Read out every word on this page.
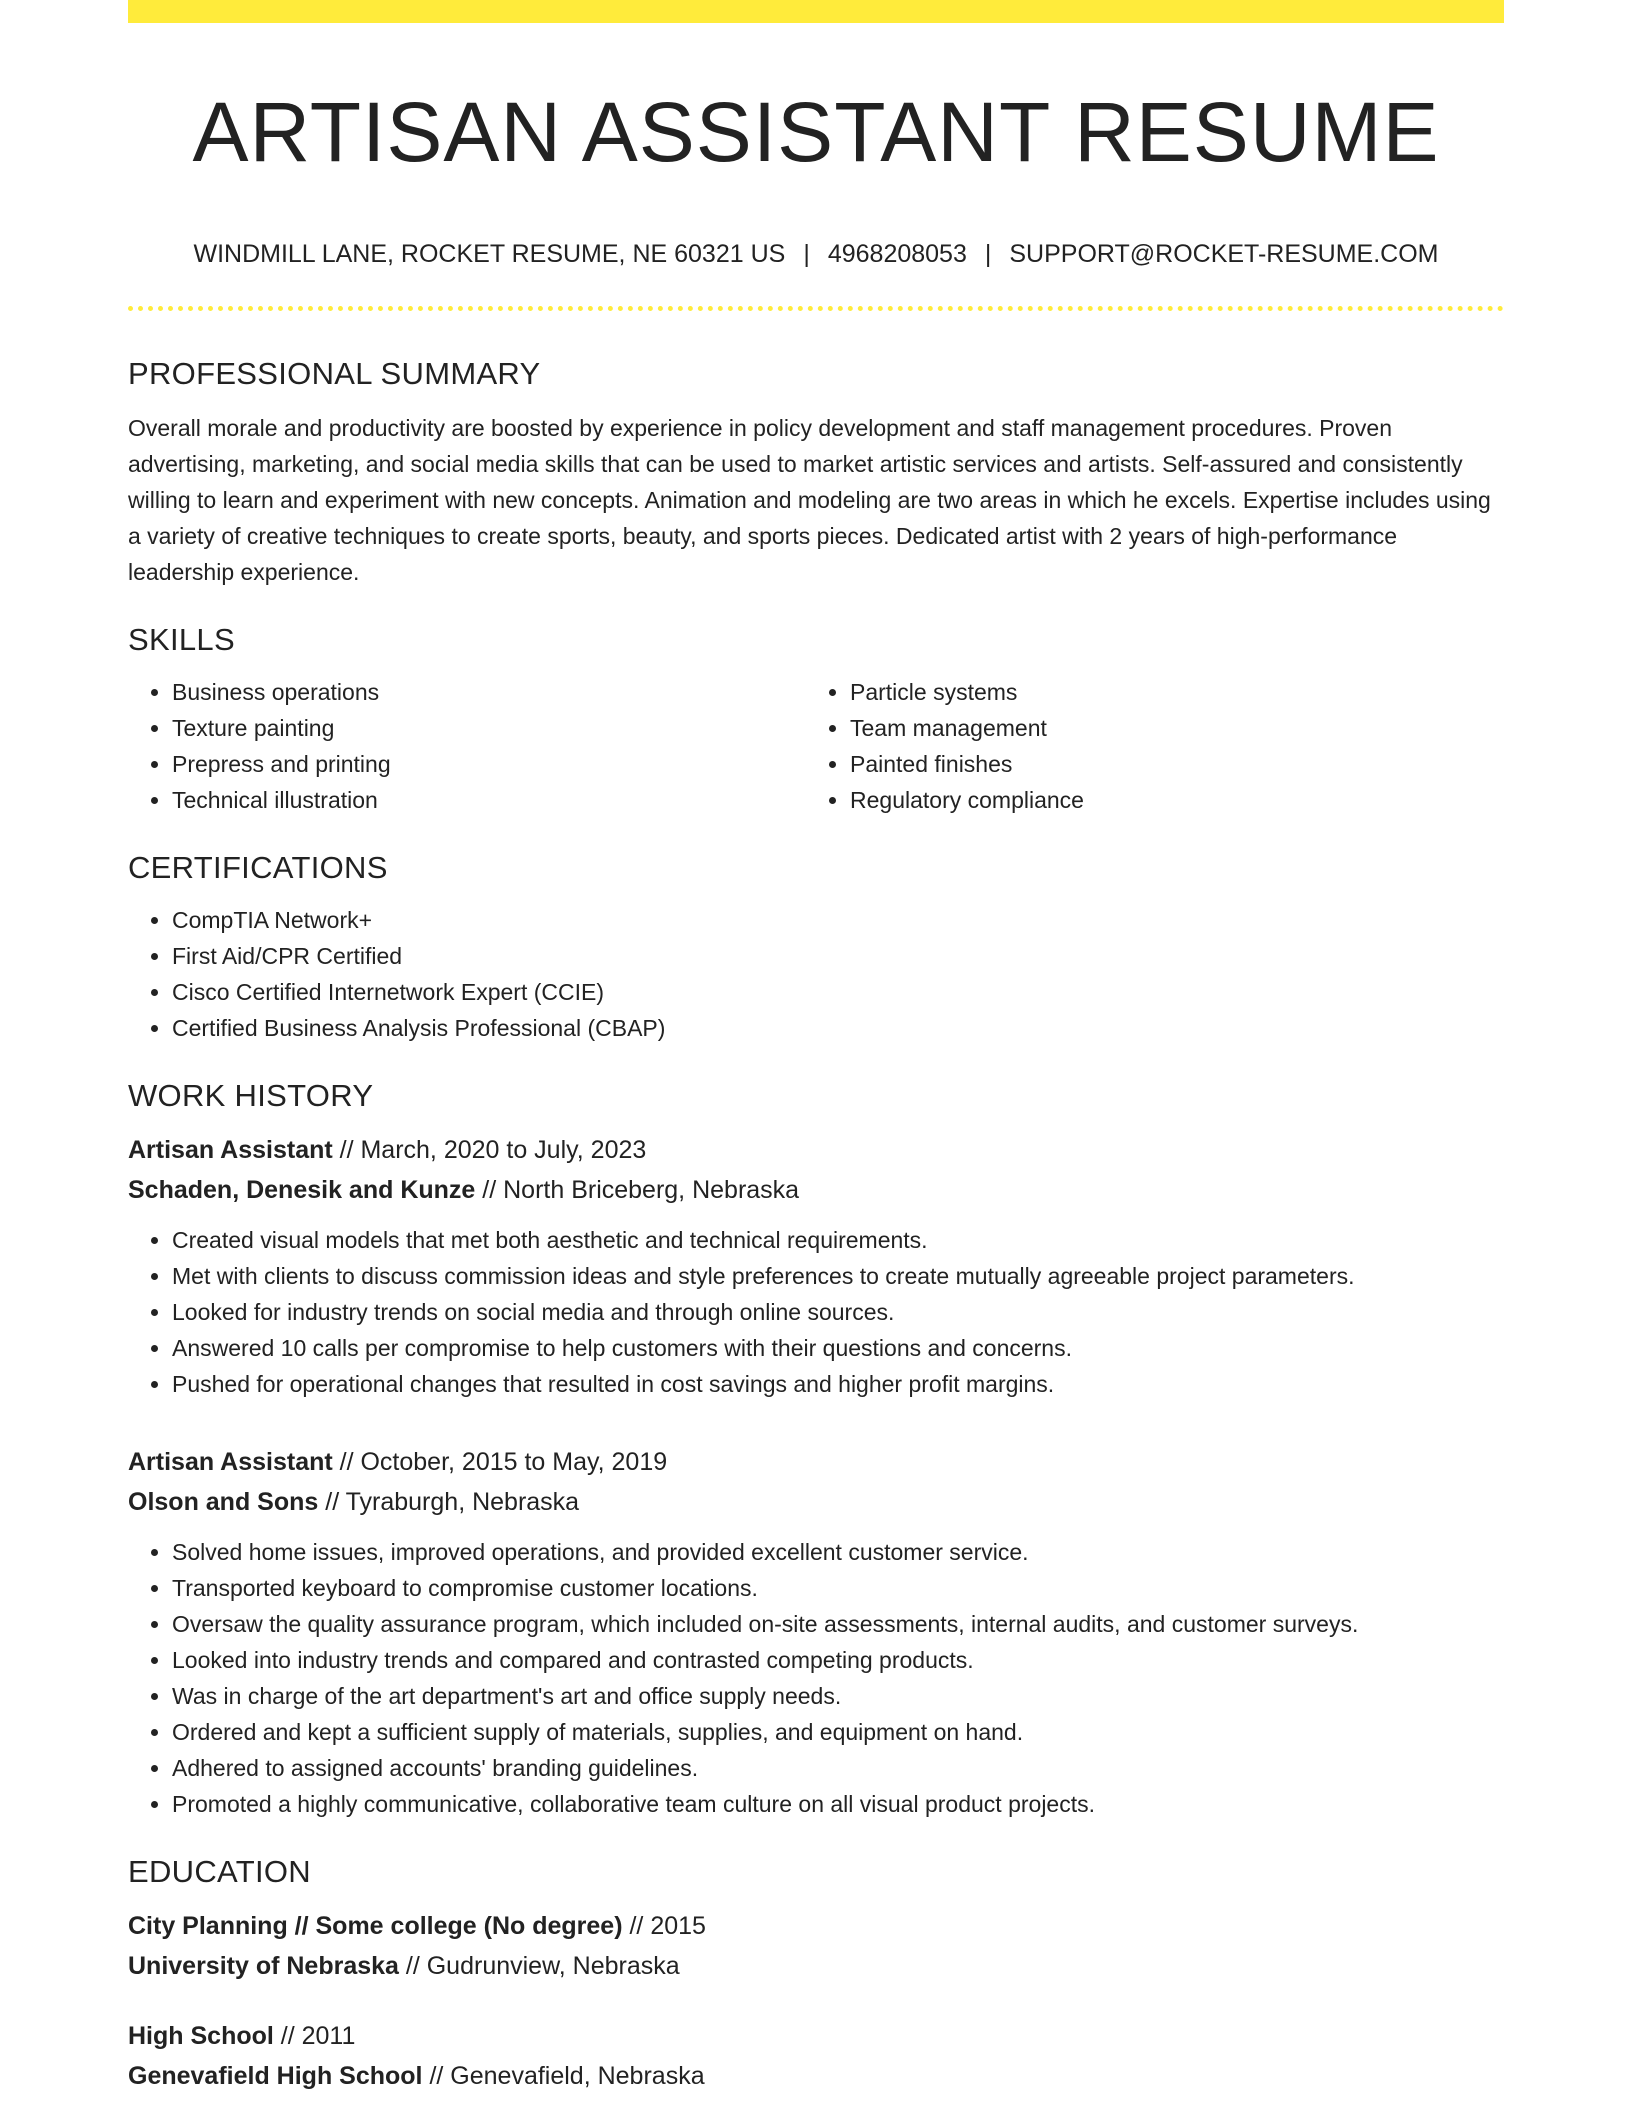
ARTISAN ASSISTANT RESUME
WINDMILL LANE, ROCKET RESUME, NE 60321 US | 4968208053 | SUPPORT@ROCKET-RESUME.COM
PROFESSIONAL SUMMARY

Overall morale and productivity are boosted by experience in policy development and staff management procedures. Proven advertising, marketing, and social media skills that can be used to market artistic services and artists. Self-assured and consistently willing to learn and experiment with new concepts. Animation and modeling are two areas in which he excels. Expertise includes using a variety of creative techniques to create sports, beauty, and sports pieces. Dedicated artist with 2 years of high-performance leadership experience.

SKILLS
• Business operations
• Texture painting
• Prepress and printing
• Technical illustration
• Particle systems
• Team management
• Painted finishes
• Regulatory compliance
CERTIFICATIONS
• CompTIA Network+
• First Aid/CPR Certified
• Cisco Certified Internetwork Expert (CCIE)
• Certified Business Analysis Professional (CBAP)
WORK HISTORY

Artisan Assistant // March, 2020 to July, 2023

Schaden, Denesik and Kunze // North Briceberg, Nebraska

• Created visual models that met both aesthetic and technical requirements.
• Met with clients to discuss commission ideas and style preferences to create mutually agreeable project parameters.
• Looked for industry trends on social media and through online sources.
• Answered 10 calls per compromise to help customers with their questions and concerns.
• Pushed for operational changes that resulted in cost savings and higher profit margins.

Artisan Assistant // October, 2015 to May, 2019

Olson and Sons // Tyraburgh, Nebraska

• Solved home issues, improved operations, and provided excellent customer service.
• Transported keyboard to compromise customer locations.
• Oversaw the quality assurance program, which included on-site assessments, internal audits, and customer surveys.
• Looked into industry trends and compared and contrasted competing products.
• Was in charge of the art department's art and office supply needs.
• Ordered and kept a sufficient supply of materials, supplies, and equipment on hand.
• Adhered to assigned accounts' branding guidelines.
• Promoted a highly communicative, collaborative team culture on all visual product projects.
EDUCATION

City Planning // Some college (No degree) // 2015

University of Nebraska // Gudrunview, Nebraska

High School // 2011

Genevafield High School // Genevafield, Nebraska
